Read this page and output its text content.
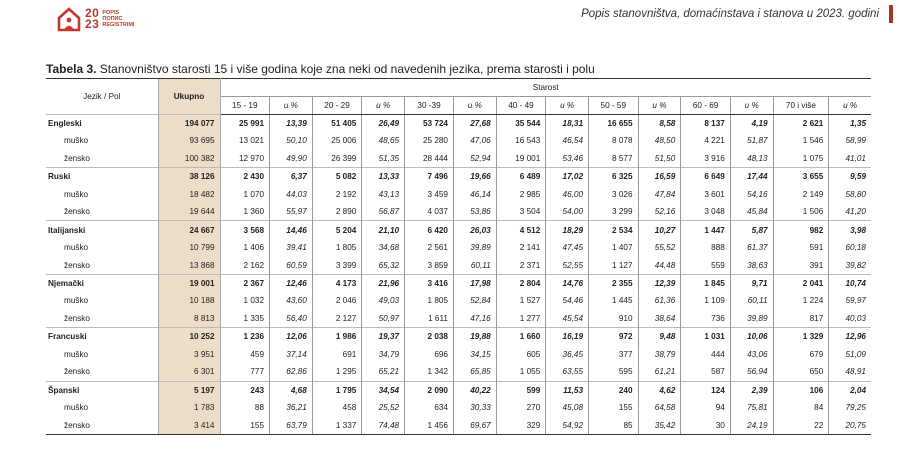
20
23
POPIS
ПОПИС
REGISTRIMI
Popis stanovništva, domaćinstava i stanova u 2023. godini
Tabela 3. Stanovništvo starosti 15 i više godina koje zna neki od navedenih jezika, prema starosti i polu
Jezik / Pol	Ukupno	Starost													
		15 - 19	u %	20 - 29	u %	30 -39	u %	40 - 49	u %	50 - 59	u %	60 - 69	u %	70 i više	u %
Engleski	194 077	25 991	13,39	51 405	26,49	53 724	27,68	35 544	18,31	16 655	8,58	8 137	4,19	2 621	1,35
muško	93 695	13 021	50,10	25 006	48,65	25 280	47,06	16 543	46,54	8 078	48,50	4 221	51,87	1 546	58,99
žensko	100 382	12 970	49,90	26 399	51,35	28 444	52,94	19 001	53,46	8 577	51,50	3 916	48,13	1 075	41,01
Ruski	38 126	2 430	6,37	5 082	13,33	7 496	19,66	6 489	17,02	6 325	16,59	6 649	17,44	3 655	9,59
muško	18 482	1 070	44,03	2 192	43,13	3 459	46,14	2 985	46,00	3 026	47,84	3 601	54,16	2 149	58,80
žensko	19 644	1 360	55,97	2 890	56,87	4 037	53,86	3 504	54,00	3 299	52,16	3 048	45,84	1 506	41,20
Italijanski	24 667	3 568	14,46	5 204	21,10	6 420	26,03	4 512	18,29	2 534	10,27	1 447	5,87	982	3,98
muško	10 799	1 406	39,41	1 805	34,68	2 561	39,89	2 141	47,45	1 407	55,52	888	61,37	591	60,18
žensko	13 868	2 162	60,59	3 399	65,32	3 859	60,11	2 371	52,55	1 127	44,48	559	38,63	391	39,82
Njemački	19 001	2 367	12,46	4 173	21,96	3 416	17,98	2 804	14,76	2 355	12,39	1 845	9,71	2 041	10,74
muško	10 188	1 032	43,60	2 046	49,03	1 805	52,84	1 527	54,46	1 445	61,36	1 109	60,11	1 224	59,97
žensko	8 813	1 335	56,40	2 127	50,97	1 611	47,16	1 277	45,54	910	38,64	736	39,89	817	40,03
Francuski	10 252	1 236	12,06	1 986	19,37	2 038	19,88	1 660	16,19	972	9,48	1 031	10,06	1 329	12,96
muško	3 951	459	37,14	691	34,79	696	34,15	605	36,45	377	38,79	444	43,06	679	51,09
žensko	6 301	777	62,86	1 295	65,21	1 342	65,85	1 055	63,55	595	61,21	587	56,94	650	48,91
Španski	5 197	243	4,68	1 795	34,54	2 090	40,22	599	11,53	240	4,62	124	2,39	106	2,04
muško	1 783	88	36,21	458	25,52	634	30,33	270	45,08	155	64,58	94	75,81	84	79,25
žensko	3 414	155	63,79	1 337	74,48	1 456	69,67	329	54,92	85	35,42	30	24,19	22	20,75
